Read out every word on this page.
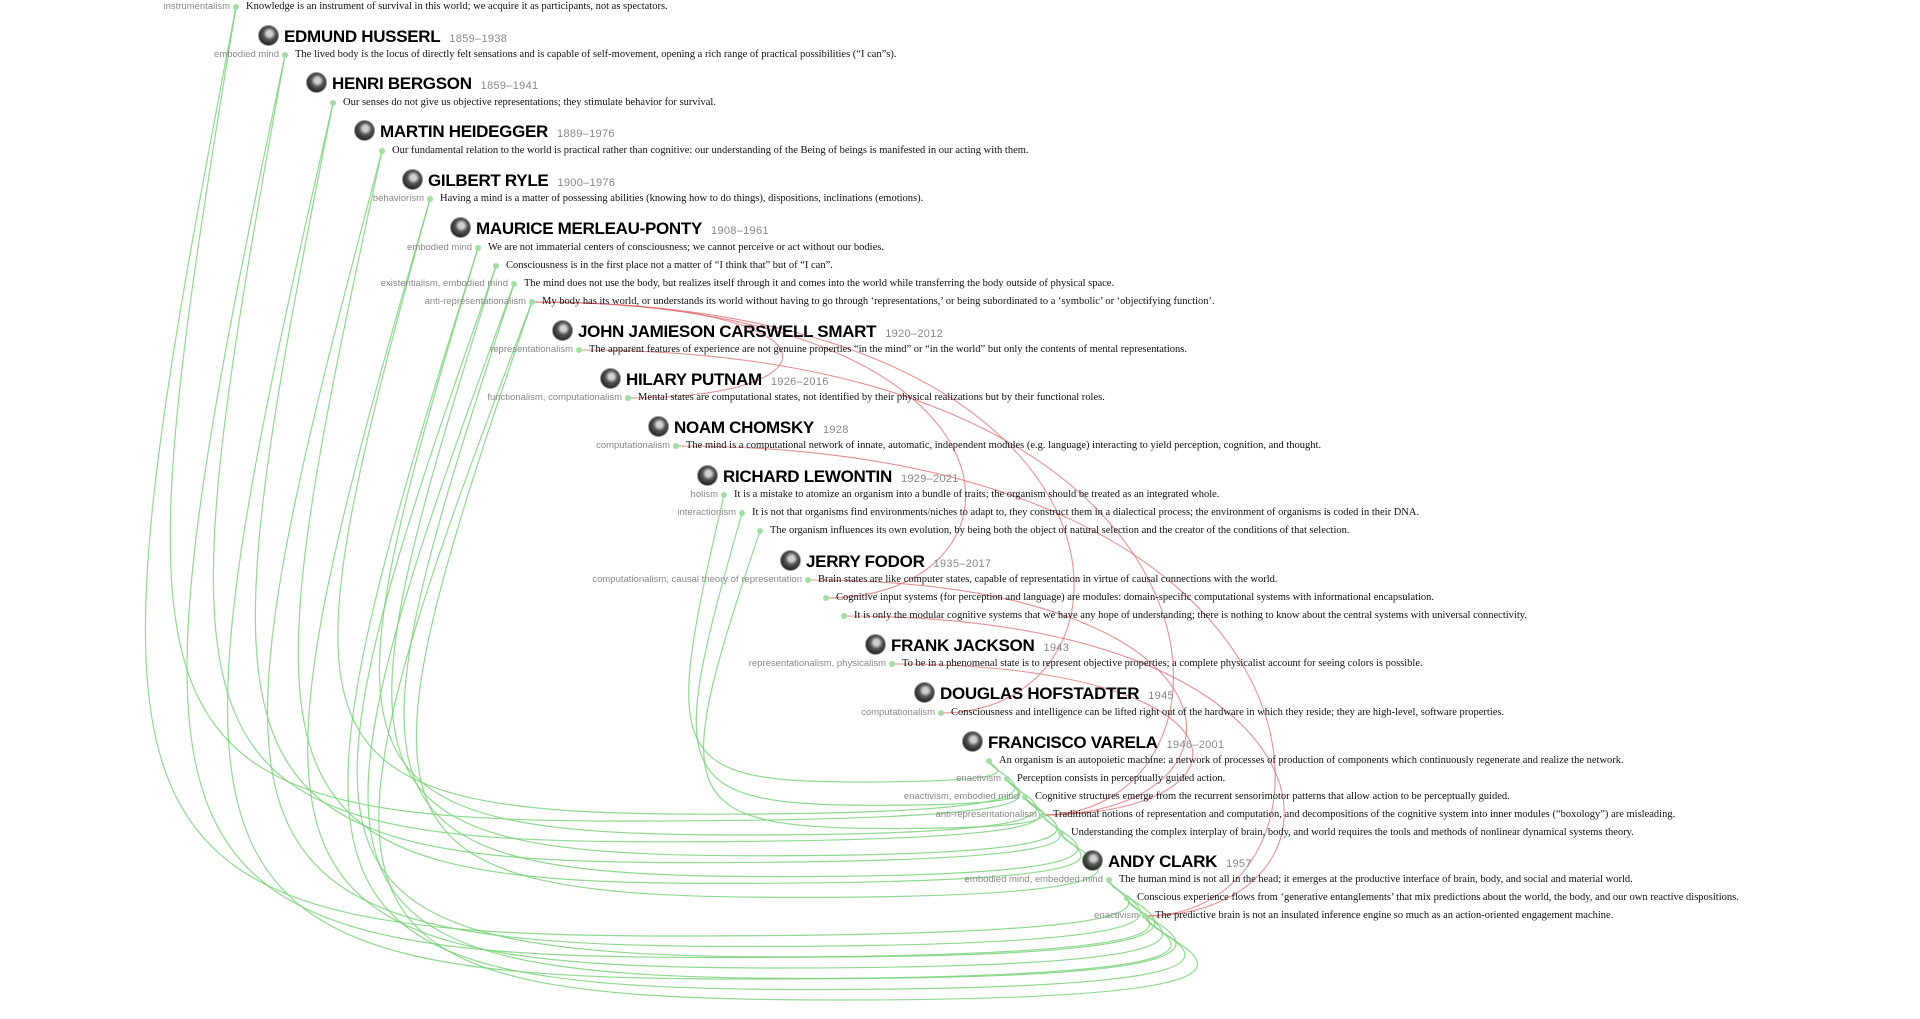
Knowledge is an instrument of survival in this world; we acquire it as participants, not as spectators.
instrumentalism
EDMUND HUSSERL 1859–1938
The lived body is the locus of directly felt sensations and is capable of self-movement, opening a rich range of practical possibilities (“I can”s).
embodied mind
HENRI BERGSON 1859–1941
Our senses do not give us objective representations; they stimulate behavior for survival.
MARTIN HEIDEGGER 1889–1976
Our fundamental relation to the world is practical rather than cognitive: our understanding of the Being of beings is manifested in our acting with them.
GILBERT RYLE 1900–1976
Having a mind is a matter of possessing abilities (knowing how to do things), dispositions, inclinations (emotions).
behaviorism
MAURICE MERLEAU-PONTY 1908–1961
We are not immaterial centers of consciousness; we cannot perceive or act without our bodies.
embodied mind
Consciousness is in the first place not a matter of “I think that” but of “I can”.
The mind does not use the body, but realizes itself through it and comes into the world while transferring the body outside of physical space.
existentialism, embodied mind
My body has its world, or understands its world without having to go through ‘representations,’ or being subordinated to a ‘symbolic’ or ‘objectifying function’.
anti-representationalism
JOHN JAMIESON CARSWELL SMART 1920–2012
The apparent features of experience are not genuine properties “in the mind” or “in the world” but only the contents of mental representations.
representationalism
HILARY PUTNAM 1926–2016
Mental states are computational states, not identified by their physical realizations but by their functional roles.
functionalism, computationalism
NOAM CHOMSKY 1928
The mind is a computational network of innate, automatic, independent modules (e.g. language) interacting to yield perception, cognition, and thought.
computationalism
RICHARD LEWONTIN 1929–2021
It is a mistake to atomize an organism into a bundle of traits; the organism should be treated as an integrated whole.
holism
It is not that organisms find environments/niches to adapt to, they construct them in a dialectical process; the environment of organisms is coded in their DNA.
interactionism
The organism influences its own evolution, by being both the object of natural selection and the creator of the conditions of that selection.
JERRY FODOR 1935–2017
Brain states are like computer states, capable of representation in virtue of causal connections with the world.
computationalism, causal theory of representation
Cognitive input systems (for perception and language) are modules: domain-specific computational systems with informational encapsulation.
It is only the modular cognitive systems that we have any hope of understanding; there is nothing to know about the central systems with universal connectivity.
FRANK JACKSON 1943
To be in a phenomenal state is to represent objective properties; a complete physicalist account for seeing colors is possible.
representationalism, physicalism
DOUGLAS HOFSTADTER 1945
Consciousness and intelligence can be lifted right out of the hardware in which they reside; they are high-level, software properties.
computationalism
FRANCISCO VARELA 1946–2001
An organism is an autopoietic machine: a network of processes of production of components which continuously regenerate and realize the network.
Perception consists in perceptually guided action.
enactivism
Cognitive structures emerge from the recurrent sensorimotor patterns that allow action to be perceptually guided.
enactivism, embodied mind
Traditional notions of representation and computation, and decompositions of the cognitive system into inner modules (“boxology”) are misleading.
anti-representationalism
Understanding the complex interplay of brain, body, and world requires the tools and methods of nonlinear dynamical systems theory.
ANDY CLARK 1957
The human mind is not all in the head; it emerges at the productive interface of brain, body, and social and material world.
embodied mind, embedded mind
Conscious experience flows from ‘generative entanglements’ that mix predictions about the world, the body, and our own reactive dispositions.
The predictive brain is not an insulated inference engine so much as an action-oriented engagement machine.
enactivism
